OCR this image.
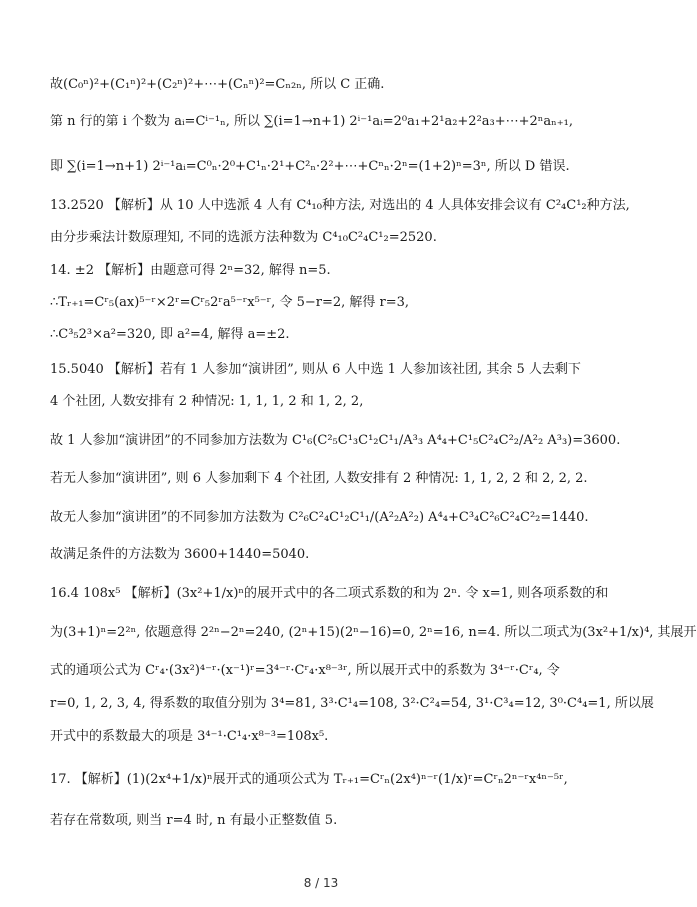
故(C₀ⁿ)²+(C₁ⁿ)²+(C₂ⁿ)²+⋯+(Cₙⁿ)²=Cₙ₂ₙ, 所以 C 正确.
第 n 行的第 i 个数为 aᵢ=Cⁱ⁻¹ₙ, 所以 ∑(i=1→n+1) 2ⁱ⁻¹aᵢ=2⁰a₁+2¹a₂+2²a₃+⋯+2ⁿaₙ₊₁,
即 ∑(i=1→n+1) 2ⁱ⁻¹aᵢ=C⁰ₙ·2⁰+C¹ₙ·2¹+C²ₙ·2²+⋯+Cⁿₙ·2ⁿ=(1+2)ⁿ=3ⁿ, 所以 D 错误.
13.2520 【解析】从 10 人中选派 4 人有 C⁴₁₀种方法, 对选出的 4 人具体安排会议有 C²₄C¹₂种方法,
由分步乘法计数原理知, 不同的选派方法种数为 C⁴₁₀C²₄C¹₂=2520.
14. ±2 【解析】由题意可得 2ⁿ=32, 解得 n=5.
∴Tᵣ₊₁=Cʳ₅(ax)⁵⁻ʳ×2ʳ=Cʳ₅2ʳa⁵⁻ʳx⁵⁻ʳ, 令 5−r=2, 解得 r=3,
∴C³₅2³×a²=320, 即 a²=4, 解得 a=±2.
15.5040 【解析】若有 1 人参加“演讲团”, 则从 6 人中选 1 人参加该社团, 其余 5 人去剩下
4 个社团, 人数安排有 2 种情况: 1, 1, 1, 2 和 1, 2, 2,
故 1 人参加“演讲团”的不同参加方法数为 C¹₆(C²₅C¹₃C¹₂C¹₁/A³₃ A⁴₄+C¹₅C²₄C²₂/A²₂ A³₃)=3600.
若无人参加“演讲团”, 则 6 人参加剩下 4 个社团, 人数安排有 2 种情况: 1, 1, 2, 2 和 2, 2, 2.
故无人参加“演讲团”的不同参加方法数为 C²₆C²₄C¹₂C¹₁/(A²₂A²₂) A⁴₄+C³₄C²₆C²₄C²₂=1440.
故满足条件的方法数为 3600+1440=5040.
16.4 108x⁵ 【解析】(3x²+1/x)ⁿ的展开式中的各二项式系数的和为 2ⁿ. 令 x=1, 则各项系数的和
为(3+1)ⁿ=2²ⁿ, 依题意得 2²ⁿ−2ⁿ=240, (2ⁿ+15)(2ⁿ−16)=0, 2ⁿ=16, n=4. 所以二项式为(3x²+1/x)⁴, 其展开
式的通项公式为 Cʳ₄·(3x²)⁴⁻ʳ·(x⁻¹)ʳ=3⁴⁻ʳ·Cʳ₄·x⁸⁻³ʳ, 所以展开式中的系数为 3⁴⁻ʳ·Cʳ₄, 令
r=0, 1, 2, 3, 4, 得系数的取值分别为 3⁴=81, 3³·C¹₄=108, 3²·C²₄=54, 3¹·C³₄=12, 3⁰·C⁴₄=1, 所以展
开式中的系数最大的项是 3⁴⁻¹·C¹₄·x⁸⁻³=108x⁵.
17. 【解析】(1)(2x⁴+1/x)ⁿ展开式的通项公式为 Tᵣ₊₁=Cʳₙ(2x⁴)ⁿ⁻ʳ(1/x)ʳ=Cʳₙ2ⁿ⁻ʳx⁴ⁿ⁻⁵ʳ,
若存在常数项, 则当 r=4 时, n 有最小正整数值 5.
8 / 13
